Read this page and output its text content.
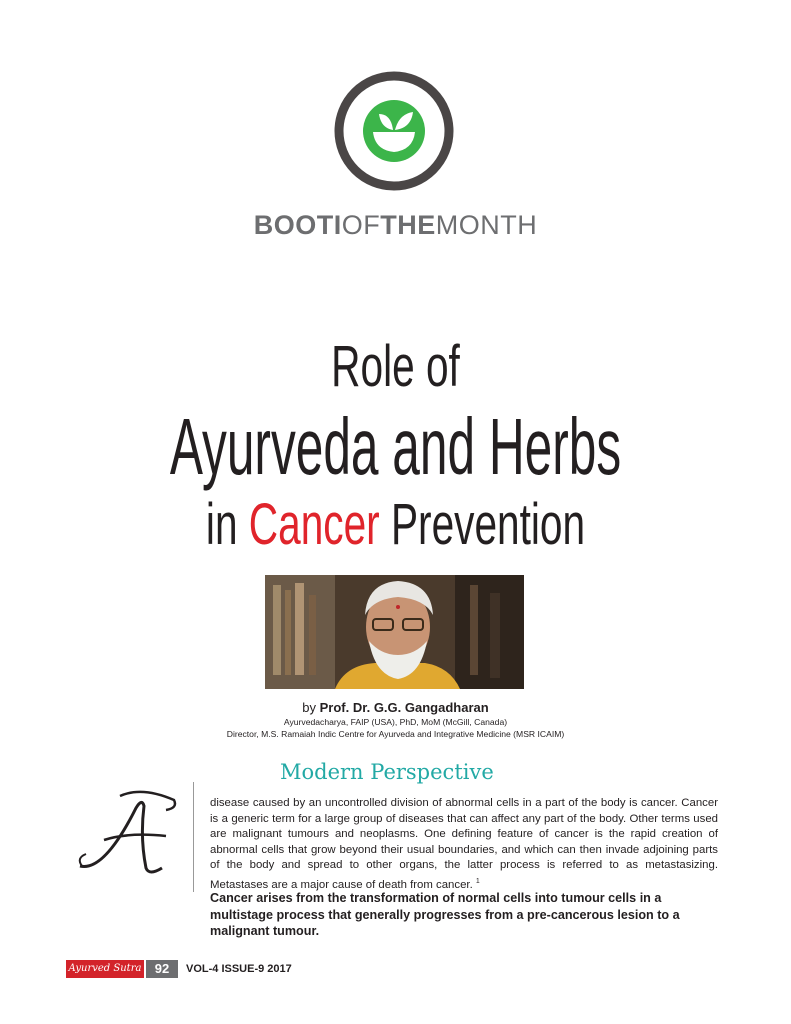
BOOTIOFTHEMONTH
Role of
Ayurveda and Herbs
in Cancer Prevention
by Prof. Dr. G.G. Gangadharan
Ayurvedacharya, FAIP (USA), PhD, MoM (McGill, Canada)
Director, M.S. Ramaiah Indic Centre for Ayurveda and Integrative Medicine (MSR ICAIM)
Modern Perspective
A	disease caused by an uncontrolled division of abnormal cells in a part of the body is cancer. Cancer is a generic term for a large group of diseases that can affect any part of the body. Other terms used are malignant tumours and neoplasms. One defining feature of cancer is the rapid creation of abnormal cells that grow beyond their usual boundaries, and which can then invade adjoining parts of the body and spread to other organs, the latter process is referred to as metastasizing. Metastases are a major cause of death from cancer. $^1$
Cancer arises from the transformation of normal cells into tumour cells in a multistage process that generally progresses from a pre-cancerous lesion to a malignant tumour.
Ayurved Sutra	92	VOL-4 ISSUE-9 2017
